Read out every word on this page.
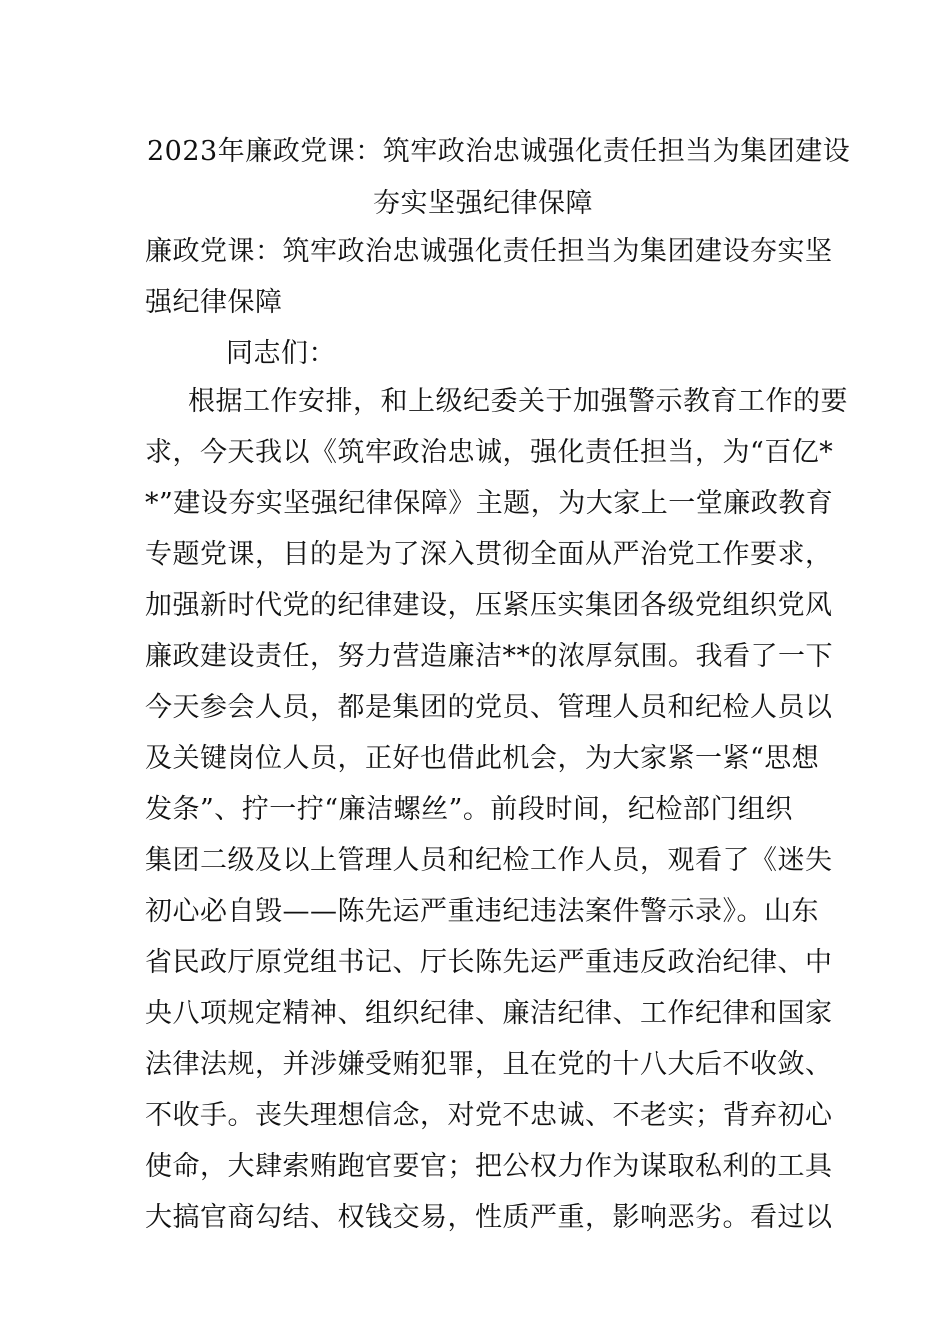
2023年廉政党课：筑牢政治忠诚强化责任担当为集团建设
夯实坚强纪律保障
廉政党课：筑牢政治忠诚强化责任担当为集团建设夯实坚
强纪律保障
同志们：
根据工作安排，和上级纪委关于加强警示教育工作的要
求，今天我以《筑牢政治忠诚，强化责任担当，为“百亿*
*”建设夯实坚强纪律保障》主题，为大家上一堂廉政教育
专题党课，目的是为了深入贯彻全面从严治党工作要求，
加强新时代党的纪律建设，压紧压实集团各级党组织党风
廉政建设责任，努力营造廉洁**的浓厚氛围。我看了一下
今天参会人员，都是集团的党员、管理人员和纪检人员以
及关键岗位人员，正好也借此机会，为大家紧一紧“思想
发条”、拧一拧“廉洁螺丝”。前段时间，纪检部门组织
集团二级及以上管理人员和纪检工作人员，观看了《迷失
初心必自毁——陈先运严重违纪违法案件警示录》。山东
省民政厅原党组书记、厅长陈先运严重违反政治纪律、中
央八项规定精神、组织纪律、廉洁纪律、工作纪律和国家
法律法规，并涉嫌受贿犯罪，且在党的十八大后不收敛、
不收手。丧失理想信念，对党不忠诚、不老实；背弃初心
使命，大肆索贿跑官要官；把公权力作为谋取私利的工具
大搞官商勾结、权钱交易，性质严重，影响恶劣。看过以
